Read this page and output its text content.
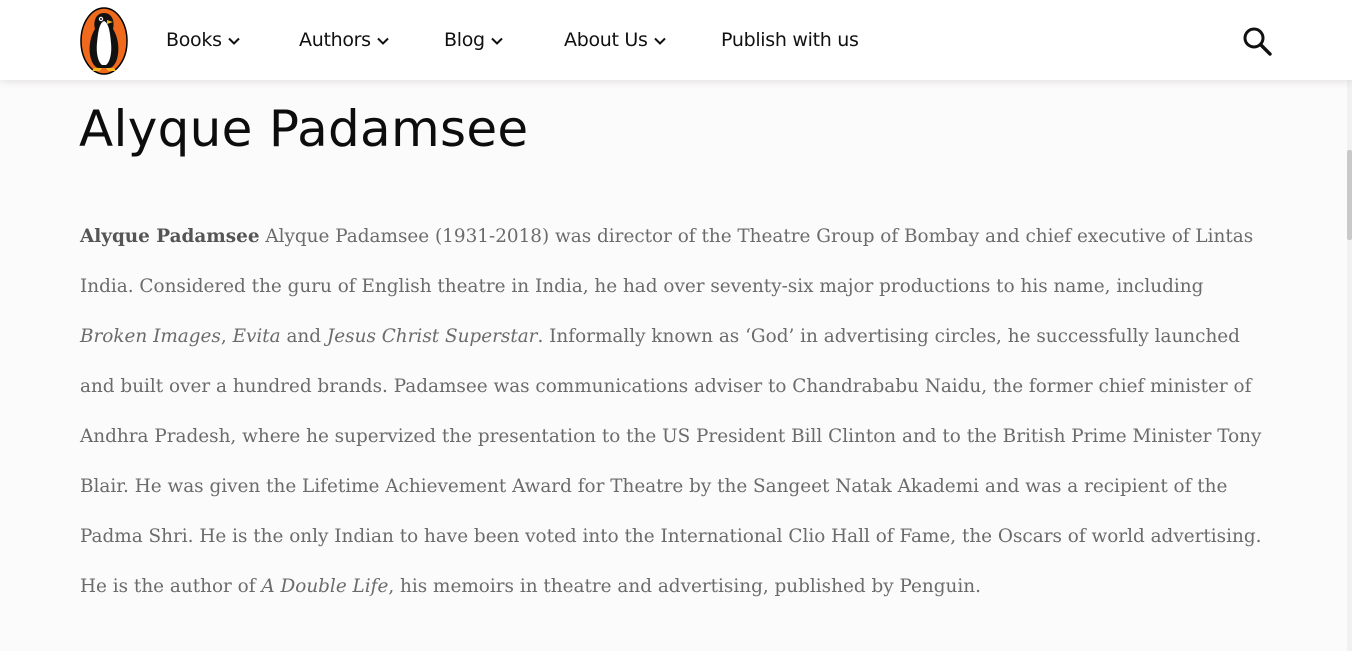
Books	Authors	Blog	About Us	Publish with us
Alyque Padamsee
Alyque Padamsee Alyque Padamsee (1931-2018) was director of the Theatre Group of Bombay and chief executive of Lintas India. Considered the guru of English theatre in India, he had over seventy-six major productions to his name, including Broken Images, Evita and Jesus Christ Superstar. Informally known as ‘God’ in advertising circles, he successfully launched and built over a hundred brands. Padamsee was communications adviser to Chandrababu Naidu, the former chief minister of Andhra Pradesh, where he supervized the presentation to the US President Bill Clinton and to the British Prime Minister Tony Blair. He was given the Lifetime Achievement Award for Theatre by the Sangeet Natak Akademi and was a recipient of the Padma Shri. He is the only Indian to have been voted into the International Clio Hall of Fame, the Oscars of world advertising.
He is the author of A Double Life, his memoirs in theatre and advertising, published by Penguin.
